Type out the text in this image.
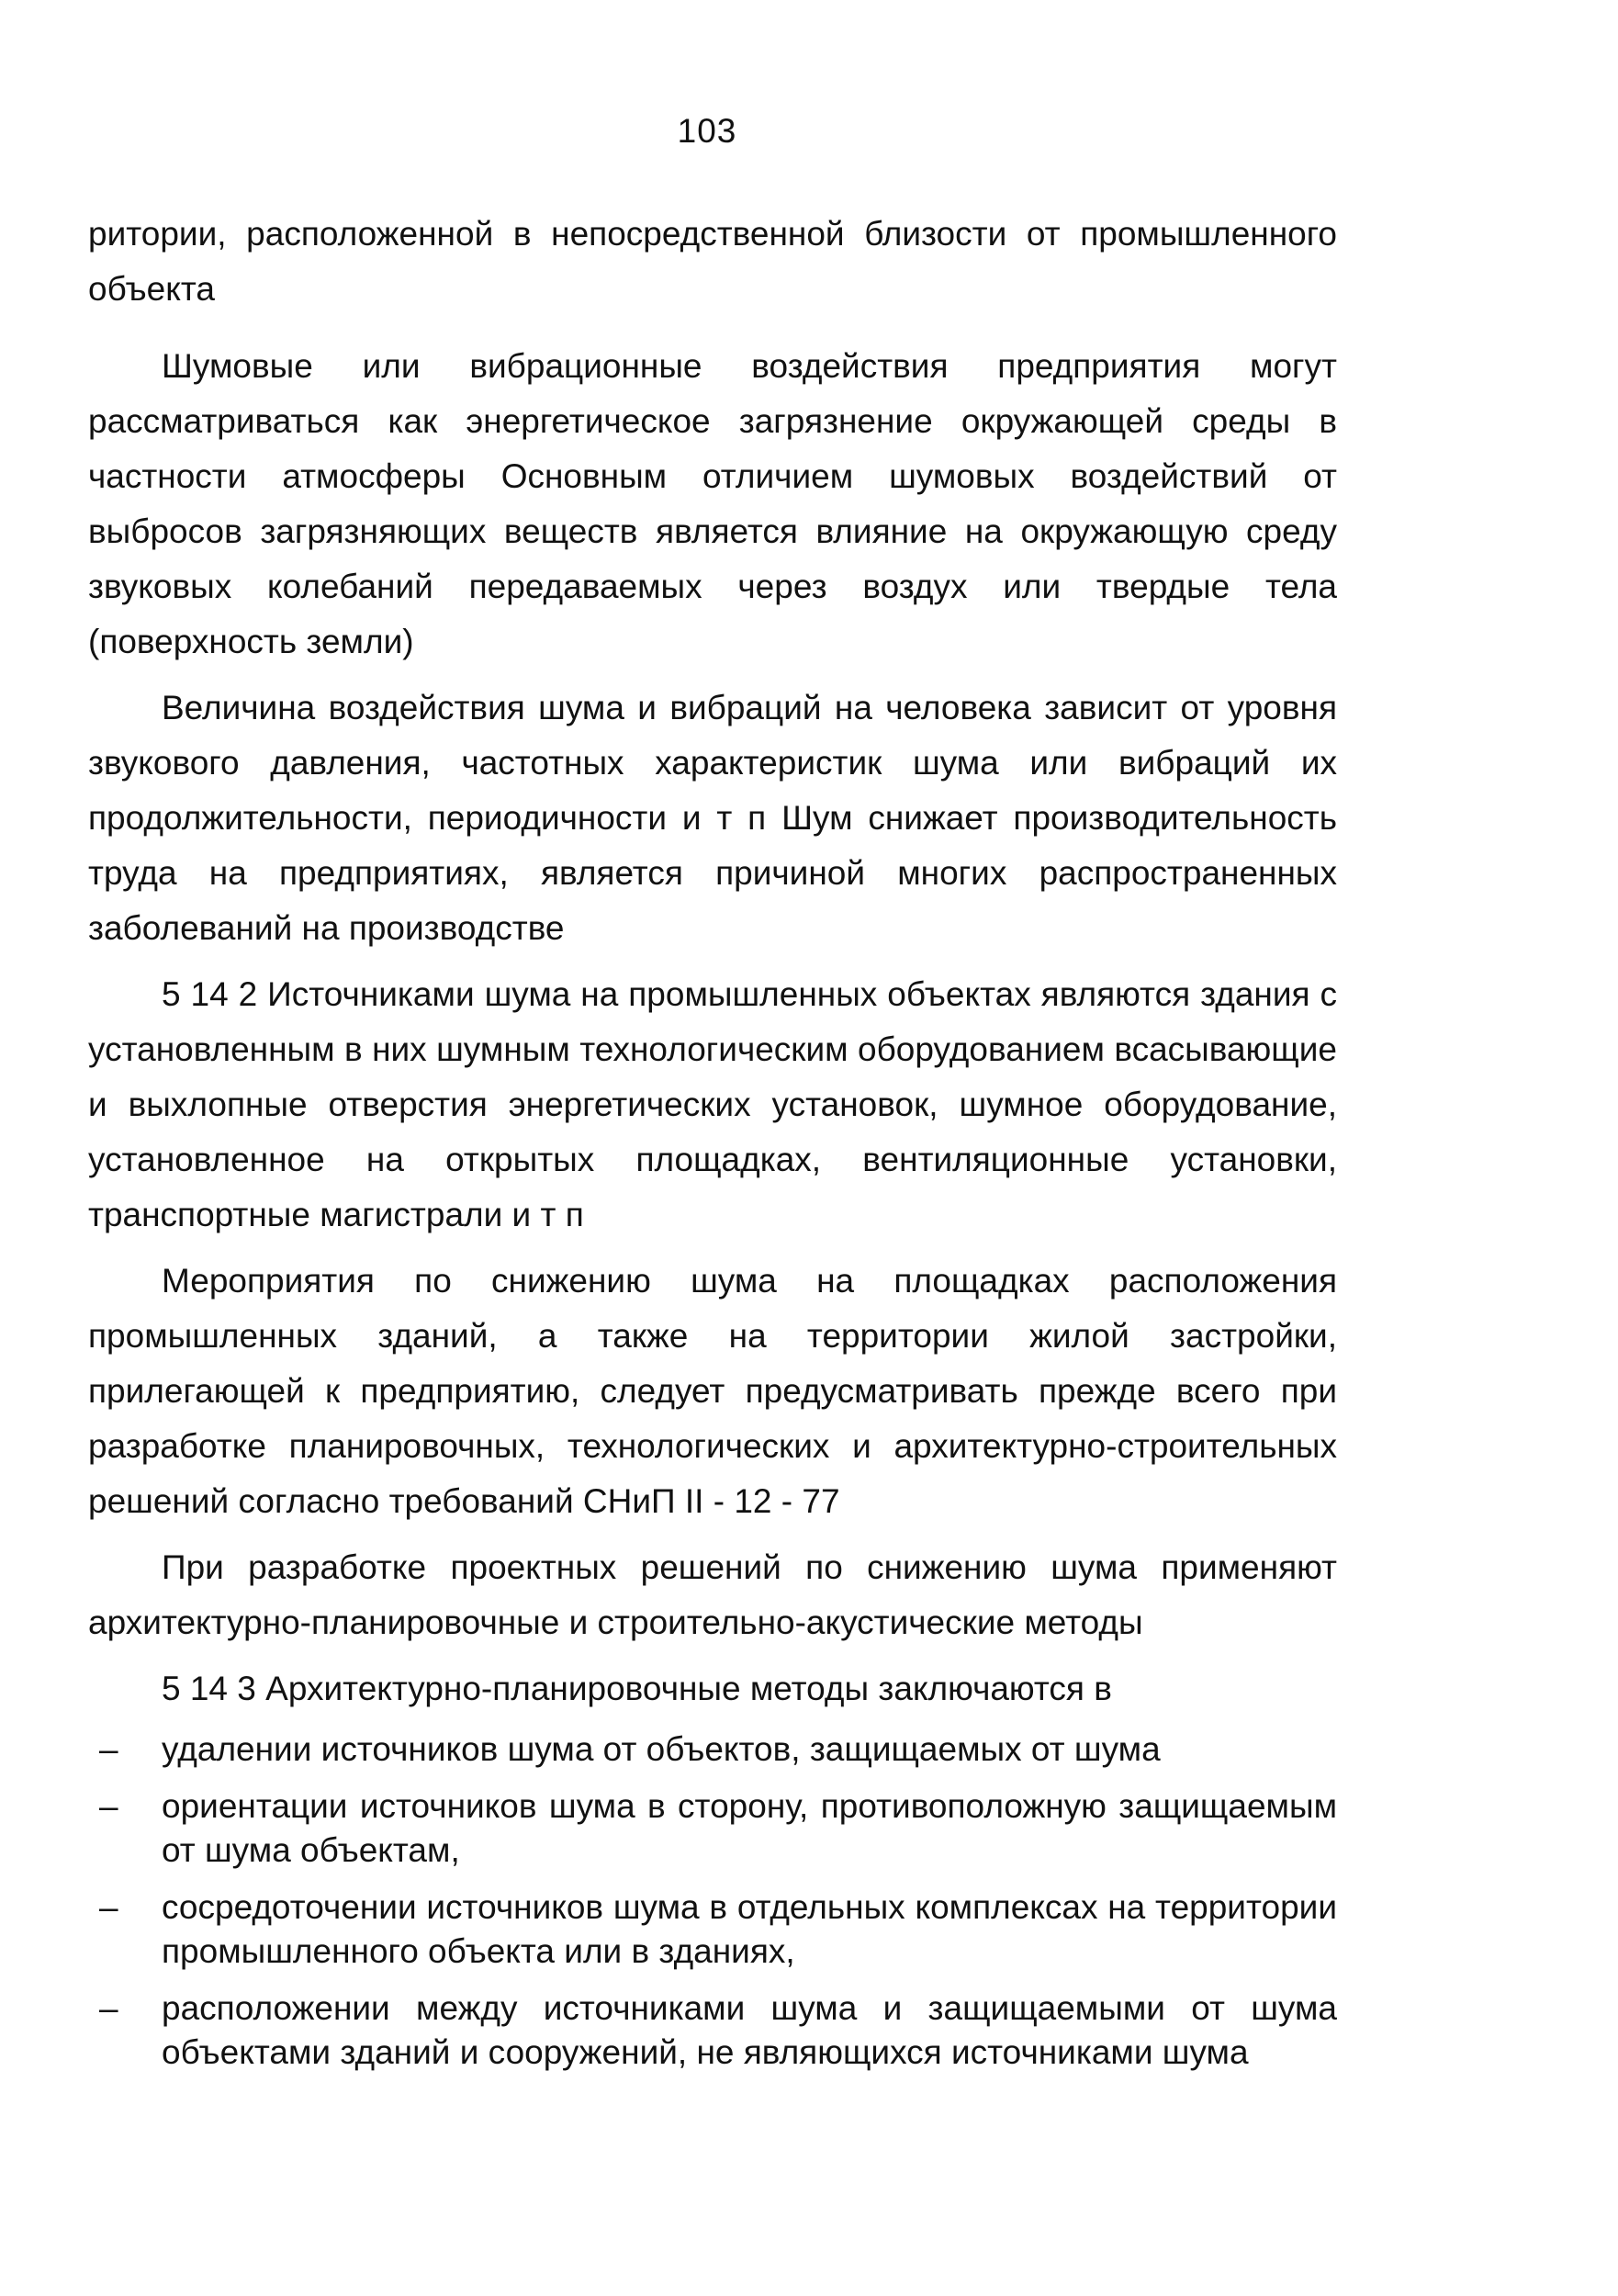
103

ритории, расположенной в непосредственной близости от промышленного объекта

Шумовые или вибрационные воздействия предприятия могут рассматриваться как энергетическое загрязнение окружающей среды в частности атмосферы Основным отличием шумовых воздействий от выбросов загрязняющих веществ является влияние на окружающую среду звуковых колебаний передаваемых через воздух или твердые тела (поверхность земли)

Величина воздействия шума и вибраций на человека зависит от уровня звукового давления, частотных характеристик шума или вибраций их продолжительности, периодичности и т п Шум снижает производительность труда на предприятиях, является причиной многих распространенных заболеваний на производстве

5 14 2 Источниками шума на промышленных объектах являются здания с установленным в них шумным технологическим оборудованием всасывающие и выхлопные отверстия энергетических установок, шумное оборудование, установленное на открытых площадках, вентиляционные установки, транспортные магистрали и т п

Мероприятия по снижению шума на площадках расположения промышленных зданий, а также на территории жилой застройки, прилегающей к предприятию, следует предусматривать прежде всего при разработке планировочных, технологических и архитектурно-строительных решений согласно требований СНиП II - 12 - 77

При разработке проектных решений по снижению шума применяют архитектурно-планировочные и строительно-акустические методы

5 14 3 Архитектурно-планировочные методы заключаются в

– удалении источников шума от объектов, защищаемых от шума
– ориентации источников шума в сторону, противоположную защищаемым от шума объектам,
– сосредоточении источников шума в отдельных комплексах на территории промышленного объекта или в зданиях,
– расположении между источниками шума и защищаемыми от шума объектами зданий и сооружений, не являющихся источниками шума
